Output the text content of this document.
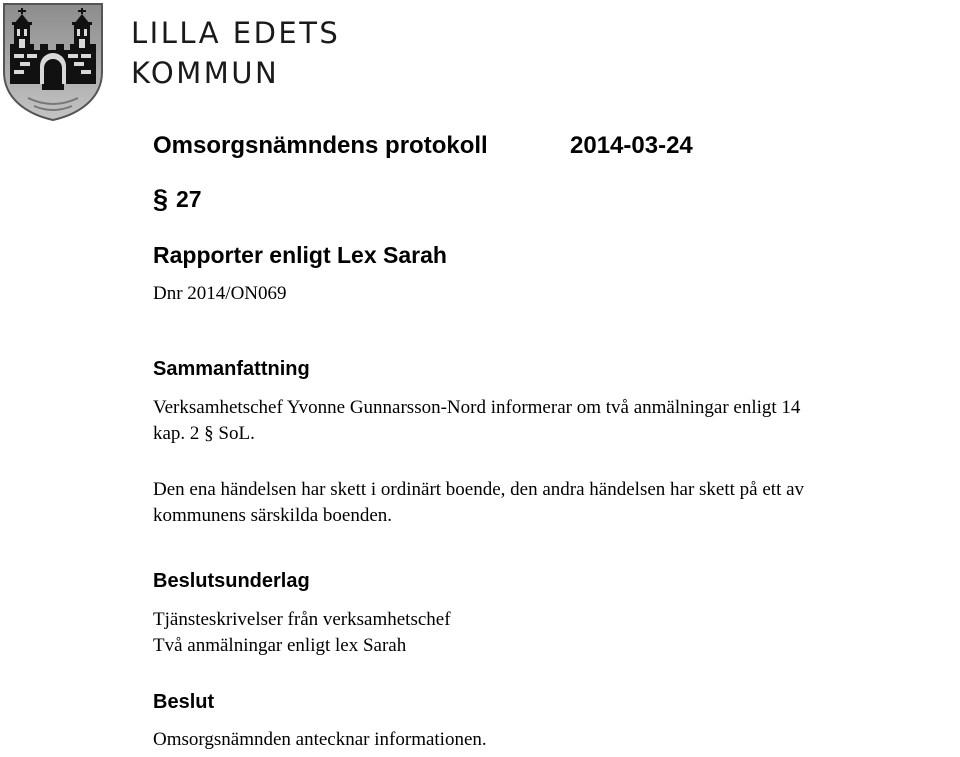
LILLA EDETS
KOMMUN
Omsorgsnämndens protokoll	2014-03-24
§ 27
Rapporter enligt Lex Sarah
Dnr 2014/ON069
Sammanfattning
Verksamhetschef Yvonne Gunnarsson-Nord informerar om två anmälningar enligt 14
kap. 2 § SoL.
Den ena händelsen har skett i ordinärt boende, den andra händelsen har skett på ett av
kommunens särskilda boenden.
Beslutsunderlag
Tjänsteskrivelser från verksamhetschef
Två anmälningar enligt lex Sarah
Beslut
Omsorgsnämnden antecknar informationen.
